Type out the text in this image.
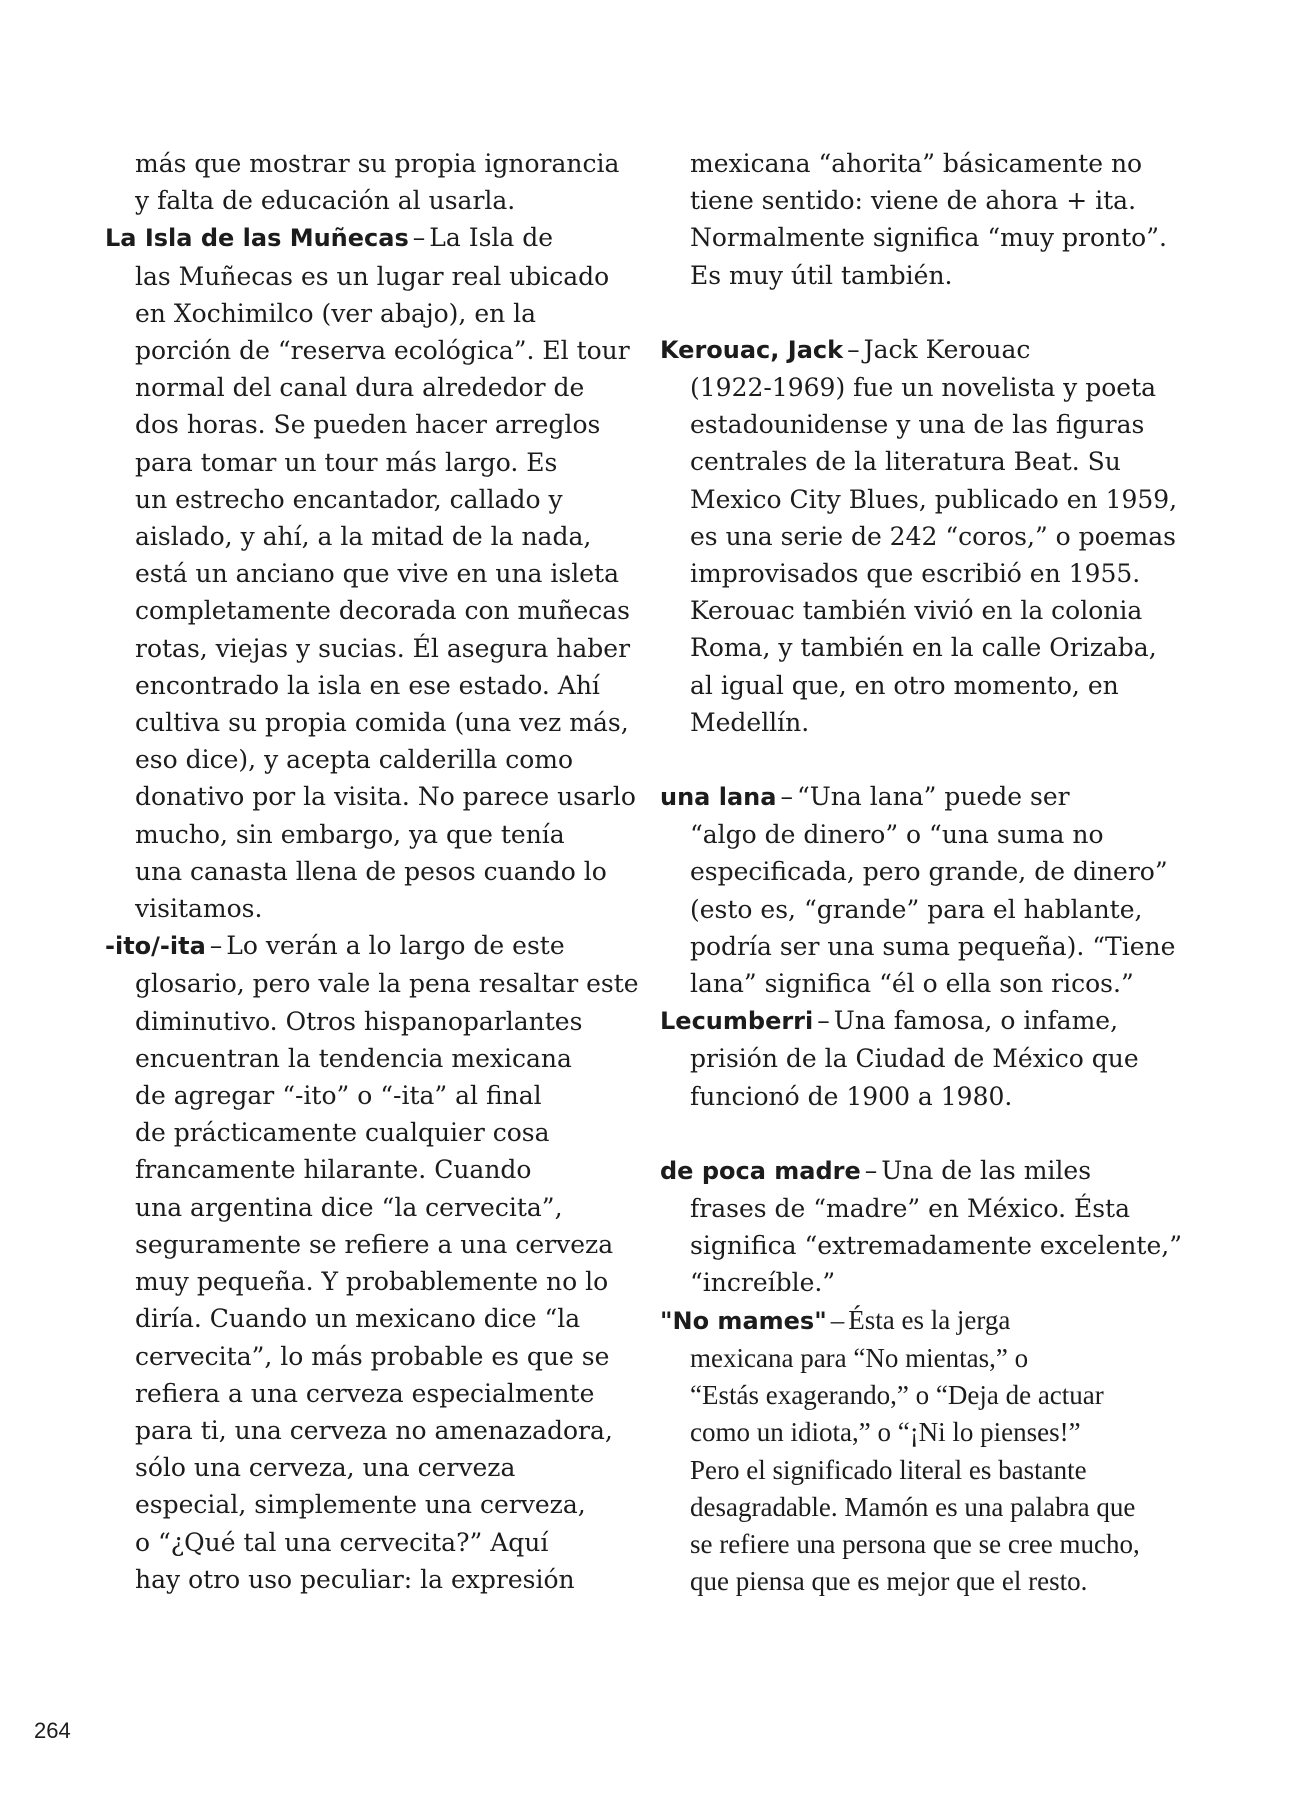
más que mostrar su propia ignorancia
y falta de educación al usarla.
La Isla de las Muñecas – La Isla de
las Muñecas es un lugar real ubicado
en Xochimilco (ver abajo), en la
porción de “reserva ecológica”. El tour
normal del canal dura alrededor de
dos horas. Se pueden hacer arreglos
para tomar un tour más largo. Es
un estrecho encantador, callado y
aislado, y ahí, a la mitad de la nada,
está un anciano que vive en una isleta
completamente decorada con muñecas
rotas, viejas y sucias. Él asegura haber
encontrado la isla en ese estado. Ahí
cultiva su propia comida (una vez más,
eso dice), y acepta calderilla como
donativo por la visita. No parece usarlo
mucho, sin embargo, ya que tenía
una canasta llena de pesos cuando lo
visitamos.
-ito/-ita – Lo verán a lo largo de este
glosario, pero vale la pena resaltar este
diminutivo. Otros hispanoparlantes
encuentran la tendencia mexicana
de agregar “-ito” o “-ita” al final
de prácticamente cualquier cosa
francamente hilarante. Cuando
una argentina dice “la cervecita”,
seguramente se refiere a una cerveza
muy pequeña. Y probablemente no lo
diría. Cuando un mexicano dice “la
cervecita”, lo más probable es que se
refiera a una cerveza especialmente
para ti, una cerveza no amenazadora,
sólo una cerveza, una cerveza
especial, simplemente una cerveza,
o “¿Qué tal una cervecita?” Aquí
hay otro uso peculiar: la expresión
mexicana “ahorita” básicamente no
tiene sentido: viene de ahora + ita.
Normalmente significa “muy pronto”.
Es muy útil también.
Kerouac, Jack – Jack Kerouac
(1922-1969) fue un novelista y poeta
estadounidense y una de las figuras
centrales de la literatura Beat. Su
Mexico City Blues, publicado en 1959,
es una serie de 242 “coros,” o poemas
improvisados que escribió en 1955.
Kerouac también vivió en la colonia
Roma, y también en la calle Orizaba,
al igual que, en otro momento, en
Medellín.
una lana – “Una lana” puede ser
“algo de dinero” o “una suma no
especificada, pero grande, de dinero”
(esto es, “grande” para el hablante,
podría ser una suma pequeña). “Tiene
lana” significa “él o ella son ricos.”
Lecumberri – Una famosa, o infame,
prisión de la Ciudad de México que
funcionó de 1900 a 1980.
de poca madre – Una de las miles
frases de “madre” en México. Ésta
significa “extremadamente excelente,”
“increíble.”
"No mames" – Ésta es la jerga
mexicana para “No mientas,” o
“Estás exagerando,” o “Deja de actuar
como un idiota,” o “¡Ni lo pienses!”
Pero el significado literal es bastante
desagradable. Mamón es una palabra que
se refiere una persona que se cree mucho,
que piensa que es mejor que el resto.
264
